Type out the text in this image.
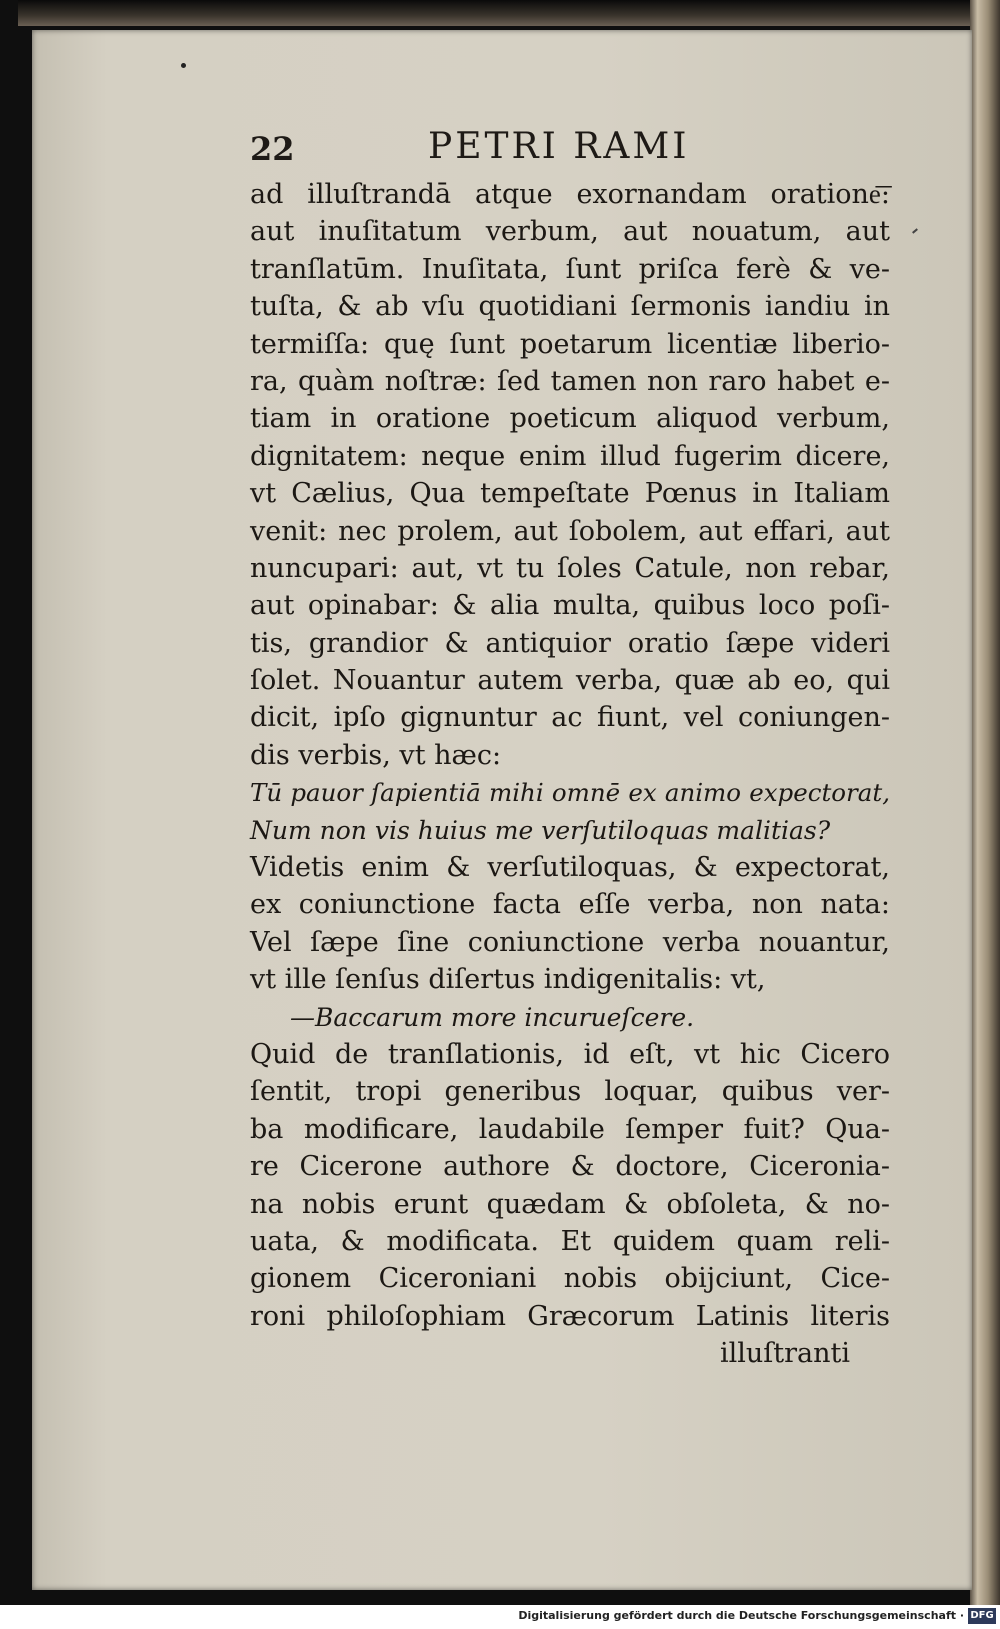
22	PETRI RAMI
ad illuſtrandā atque exornandam oratione͞:
aut inuſitatum verbum, aut nouatum, aut
tranſlatūm. Inuſitata, ſunt priſca ferè & ve-
tuſta, & ab vſu quotidiani ſermonis iandiu in
termiſſa: quę ſunt poetarum licentiæ liberio-
ra, quàm noſtræ: ſed tamen non raro habet e-
tiam in oratione poeticum aliquod verbum,
dignitatem: neque enim illud fugerim dicere,
vt Cælius, Qua tempeſtate Pœnus in Italiam
venit: nec prolem, aut ſobolem, aut effari, aut
nuncupari: aut, vt tu ſoles Catule, non rebar,
aut opinabar: & alia multa, quibus loco poſi-
tis, grandior & antiquior oratio ſæpe videri
ſolet. Nouantur autem verba, quæ ab eo, qui
dicit, ipſo gignuntur ac fiunt, vel coniungen-
dis verbis, vt hæc:
Tū pauor ſapientiā mihi omnē ex animo expectorat,
Num non vis huius me verſutiloquas malitias?
Videtis enim & verſutiloquas, & expectorat,
ex coniunctione facta eſſe verba, non nata:
Vel ſæpe ſine coniunctione verba nouantur,
vt ille ſenſus diſertus indigenitalis: vt,
—Baccarum more incurueſcere.
Quid de tranſlationis, id eſt, vt hic Cicero
ſentit, tropi generibus loquar, quibus ver-
ba modificare, laudabile ſemper fuit? Qua-
re Cicerone authore & doctore, Ciceronia-
na nobis erunt quædam & obſoleta, & no-
uata, & modificata. Et quidem quam reli-
gionem Ciceroniani nobis obijciunt, Cice-
roni philoſophiam Græcorum Latinis literis
illuſtranti
Digitalisierung gefördert durch die Deutsche Forschungsgemeinschaft · DFG
